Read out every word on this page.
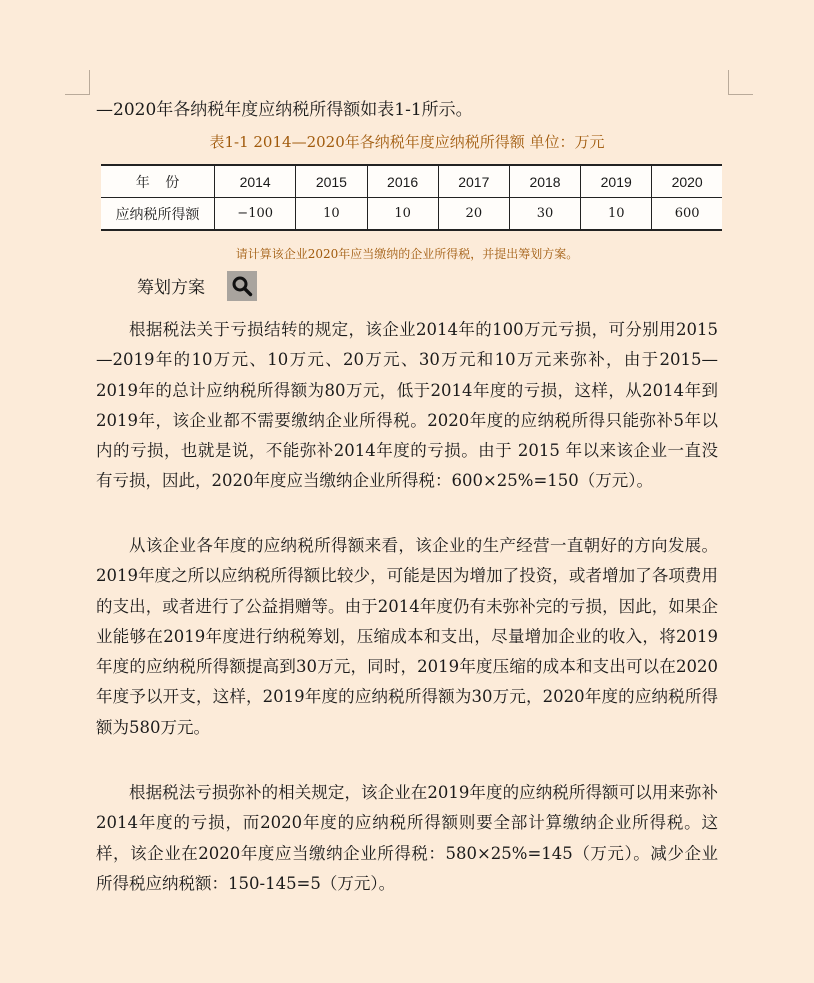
—2020年各纳税年度应纳税所得额如表1-1所示。
表1-1 2014—2020年各纳税年度应纳税所得额 单位：万元
年    份	2014	2015	2016	2017	2018	2019	2020
应纳税所得额	−100	10	10	20	30	10	600
请计算该企业2020年应当缴纳的企业所得税，并提出筹划方案。
筹划方案

根据税法关于亏损结转的规定，该企业2014年的100万元亏损，可分别用2015—2019年的10万元、10万元、20万元、30万元和10万元来弥补，由于2015—2019年的总计应纳税所得额为80万元，低于2014年度的亏损，这样，从2014年到2019年，该企业都不需要缴纳企业所得税。2020年度的应纳税所得只能弥补5年以内的亏损，也就是说，不能弥补2014年度的亏损。由于 2015 年以来该企业一直没有亏损，因此，2020年度应当缴纳企业所得税：600×25%=150（万元）。

从该企业各年度的应纳税所得额来看，该企业的生产经营一直朝好的方向发展。2019年度之所以应纳税所得额比较少，可能是因为增加了投资，或者增加了各项费用的支出，或者进行了公益捐赠等。由于2014年度仍有未弥补完的亏损，因此，如果企业能够在2019年度进行纳税筹划，压缩成本和支出，尽量增加企业的收入，将2019年度的应纳税所得额提高到30万元，同时，2019年度压缩的成本和支出可以在2020年度予以开支，这样，2019年度的应纳税所得额为30万元，2020年度的应纳税所得额为580万元。

根据税法亏损弥补的相关规定，该企业在2019年度的应纳税所得额可以用来弥补2014年度的亏损，而2020年度的应纳税所得额则要全部计算缴纳企业所得税。这样，该企业在2020年度应当缴纳企业所得税：580×25%=145（万元）。减少企业所得税应纳税额：150-145=5（万元）。
